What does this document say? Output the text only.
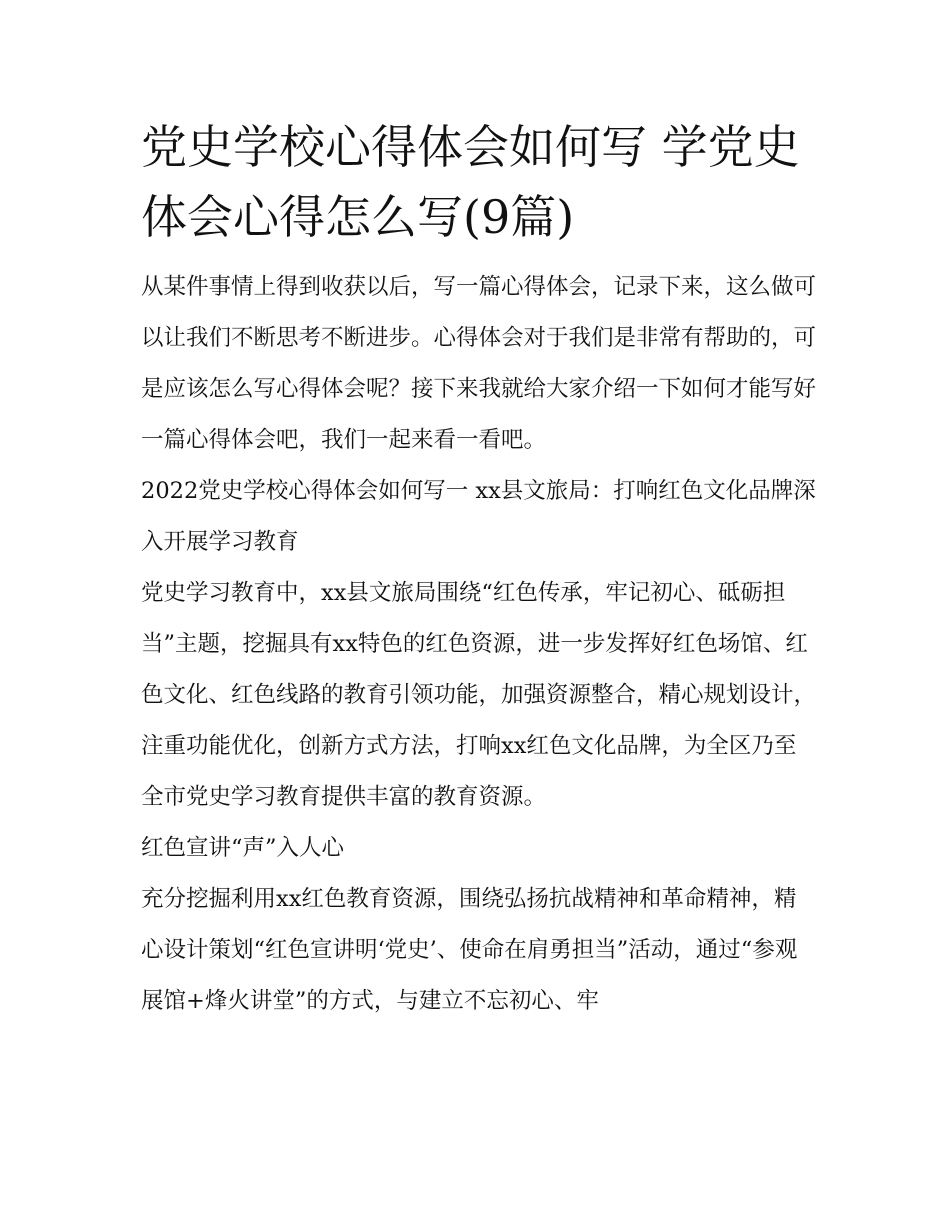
党史学校心得体会如何写 学党史体会心得怎么写(9篇)

从某件事情上得到收获以后，写一篇心得体会，记录下来，这么做可以让我们不断思考不断进步。心得体会对于我们是非常有帮助的，可是应该怎么写心得体会呢？接下来我就给大家介绍一下如何才能写好一篇心得体会吧，我们一起来看一看吧。

2022党史学校心得体会如何写一 xx县文旅局：打响红色文化品牌深入开展学习教育

党史学习教育中，xx县文旅局围绕“红色传承，牢记初心、砥砺担当”主题，挖掘具有xx特色的红色资源，进一步发挥好红色场馆、红色文化、红色线路的教育引领功能，加强资源整合，精心规划设计，注重功能优化，创新方式方法，打响xx红色文化品牌，为全区乃至全市党史学习教育提供丰富的教育资源。

红色宣讲“声”入人心

充分挖掘利用xx红色教育资源，围绕弘扬抗战精神和革命精神，精心设计策划“红色宣讲明‘党史’、使命在肩勇担当”活动，通过“参观展馆+烽火讲堂”的方式，与建立不忘初心、牢
